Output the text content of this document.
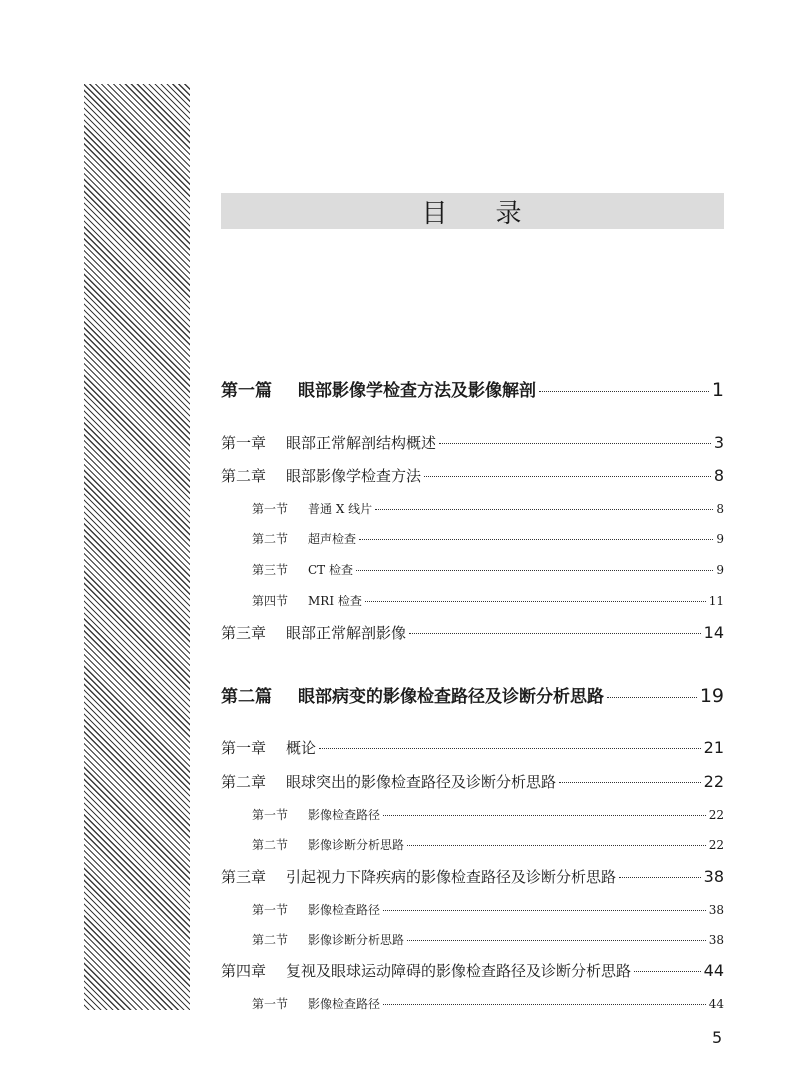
目 录
第一篇	眼部影像学检查方法及影像解剖	1
第一章	眼部正常解剖结构概述	3
第二章	眼部影像学检查方法	8
第一节	普通 X 线片	8
第二节	超声检查	9
第三节	CT 检查	9
第四节	MRI 检查	11
第三章	眼部正常解剖影像	14
第二篇	眼部病变的影像检查路径及诊断分析思路	19
第一章	概论	21
第二章	眼球突出的影像检查路径及诊断分析思路	22
第一节	影像检查路径	22
第二节	影像诊断分析思路	22
第三章	引起视力下降疾病的影像检查路径及诊断分析思路	38
第一节	影像检查路径	38
第二节	影像诊断分析思路	38
第四章	复视及眼球运动障碍的影像检查路径及诊断分析思路	44
第一节	影像检查路径	44
5
